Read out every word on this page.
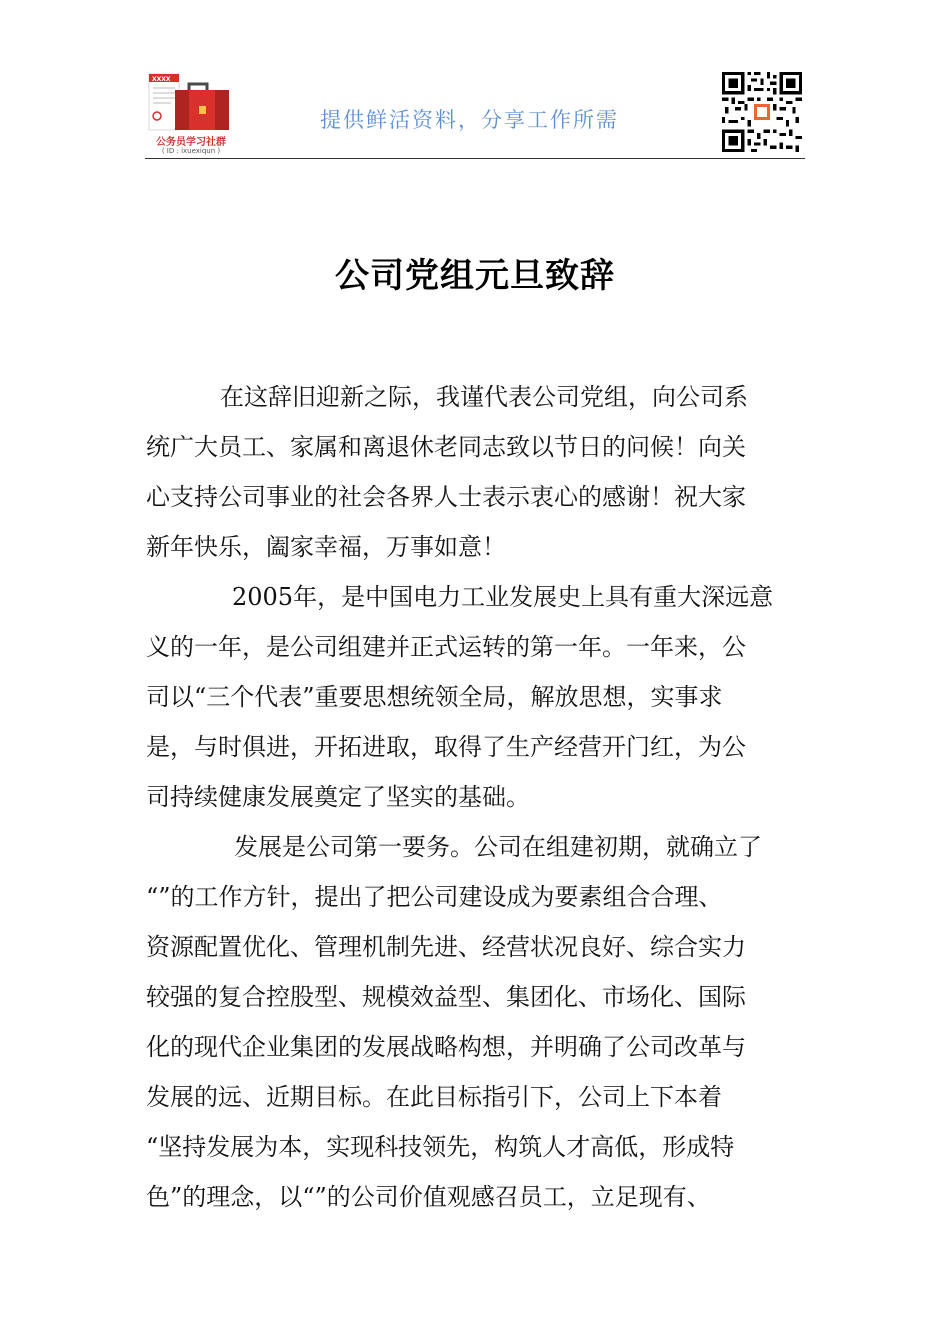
XXXX
公务员学习社群
( ID : ixuexiqun )
提供鲜活资料，分享工作所需
公司党组元旦致辞
在这辞旧迎新之际，我谨代表公司党组，向公司系
统广大员工、家属和离退休老同志致以节日的问候！向关
心支持公司事业的社会各界人士表示衷心的感谢！祝大家
新年快乐，阖家幸福，万事如意！
2005年，是中国电力工业发展史上具有重大深远意
义的一年，是公司组建并正式运转的第一年。一年来，公
司以“三个代表”重要思想统领全局，解放思想，实事求
是，与时俱进，开拓进取，取得了生产经营开门红，为公
司持续健康发展奠定了坚实的基础。
发展是公司第一要务。公司在组建初期，就确立了
“”的工作方针，提出了把公司建设成为要素组合合理、
资源配置优化、管理机制先进、经营状况良好、综合实力
较强的复合控股型、规模效益型、集团化、市场化、国际
化的现代企业集团的发展战略构想，并明确了公司改革与
发展的远、近期目标。在此目标指引下，公司上下本着
“坚持发展为本，实现科技领先，构筑人才高低，形成特
色”的理念，以“”的公司价值观感召员工，立足现有、
